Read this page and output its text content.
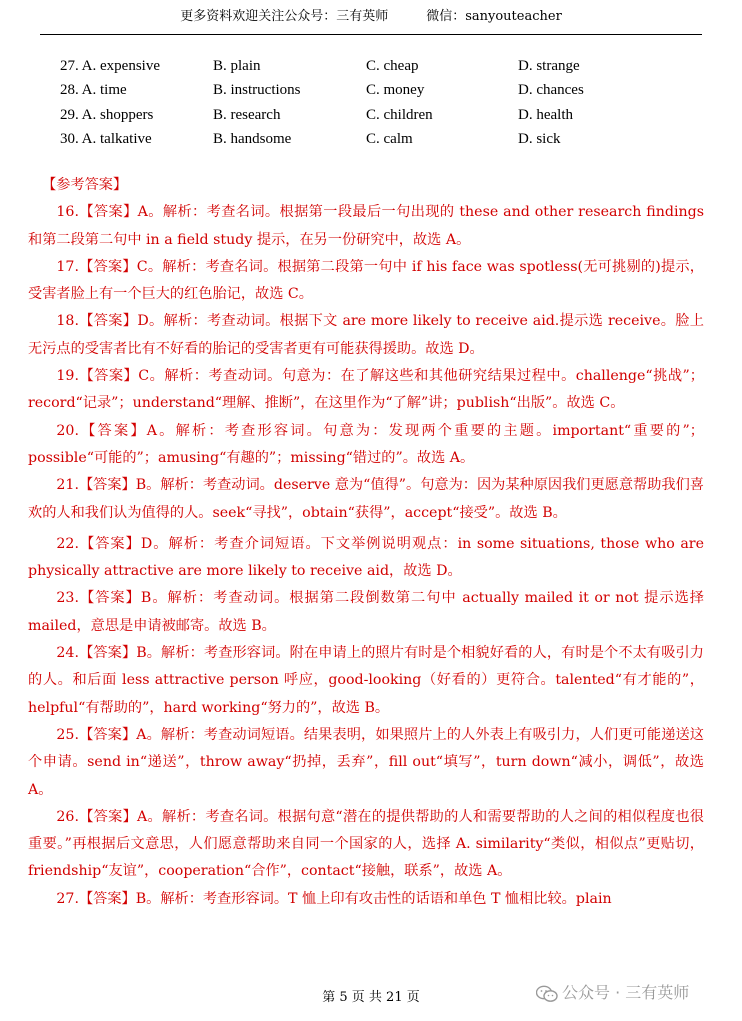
更多资料欢迎关注公众号：三有英师	微信：sanyouteacher
27. A. expensive	B. plain	C. cheap	D. strange
28. A. time	B. instructions	C. money	D. chances
29. A. shoppers	B. research	C. children	D. health
30. A. talkative	B. handsome	C. calm	D. sick
【参考答案】
16.【答案】A。解析：考查名词。根据第一段最后一句出现的 these and other research findings 和第二段第二句中 in a field study 提示，在另一份研究中，故选 A。
17.【答案】C。解析：考查名词。根据第二段第一句中 if his face was spotless(无可挑剔的)提示，受害者脸上有一个巨大的红色胎记，故选 C。
18.【答案】D。解析：考查动词。根据下文 are more likely to receive aid.提示选 receive。脸上无污点的受害者比有不好看的胎记的受害者更有可能获得援助。故选 D。
19.【答案】C。解析：考查动词。句意为：在了解这些和其他研究结果过程中。challenge“挑战”；record“记录”；understand“理解、推断”，在这里作为“了解”讲；publish“出版”。故选 C。
20.【答案】A。解析：考查形容词。句意为：发现两个重要的主题。important“重要的”；possible“可能的”；amusing“有趣的”；missing“错过的”。故选 A。
21.【答案】B。解析：考查动词。deserve 意为“值得”。句意为：因为某种原因我们更愿意帮助我们喜欢的人和我们认为值得的人。seek“寻找”，obtain“获得”，accept“接受”。故选 B。
22.【答案】D。解析：考查介词短语。下文举例说明观点：in some situations, those who are physically attractive are more likely to receive aid，故选 D。
23.【答案】B。解析：考查动词。根据第二段倒数第二句中 actually mailed it or not 提示选择 mailed，意思是申请被邮寄。故选 B。
24.【答案】B。解析：考查形容词。附在申请上的照片有时是个相貌好看的人，有时是个不太有吸引力的人。和后面 less attractive person 呼应，good-looking（好看的）更符合。talented“有才能的”，helpful“有帮助的”，hard working“努力的”，故选 B。
25.【答案】A。解析：考查动词短语。结果表明，如果照片上的人外表上有吸引力，人们更可能递送这个申请。send in“递送”，throw away“扔掉，丢弃”，fill out“填写”，turn down“减小，调低”，故选 A。
26.【答案】A。解析：考查名词。根据句意“潜在的提供帮助的人和需要帮助的人之间的相似程度也很重要。”再根据后文意思，人们愿意帮助来自同一个国家的人，选择 A. similarity“类似，相似点”更贴切，friendship“友谊”，cooperation“合作”，contact“接触，联系”，故选 A。
27.【答案】B。解析：考查形容词。T 恤上印有攻击性的话语和单色 T 恤相比较。plain
第 5 页 共 21 页	公众号 · 三有英师
